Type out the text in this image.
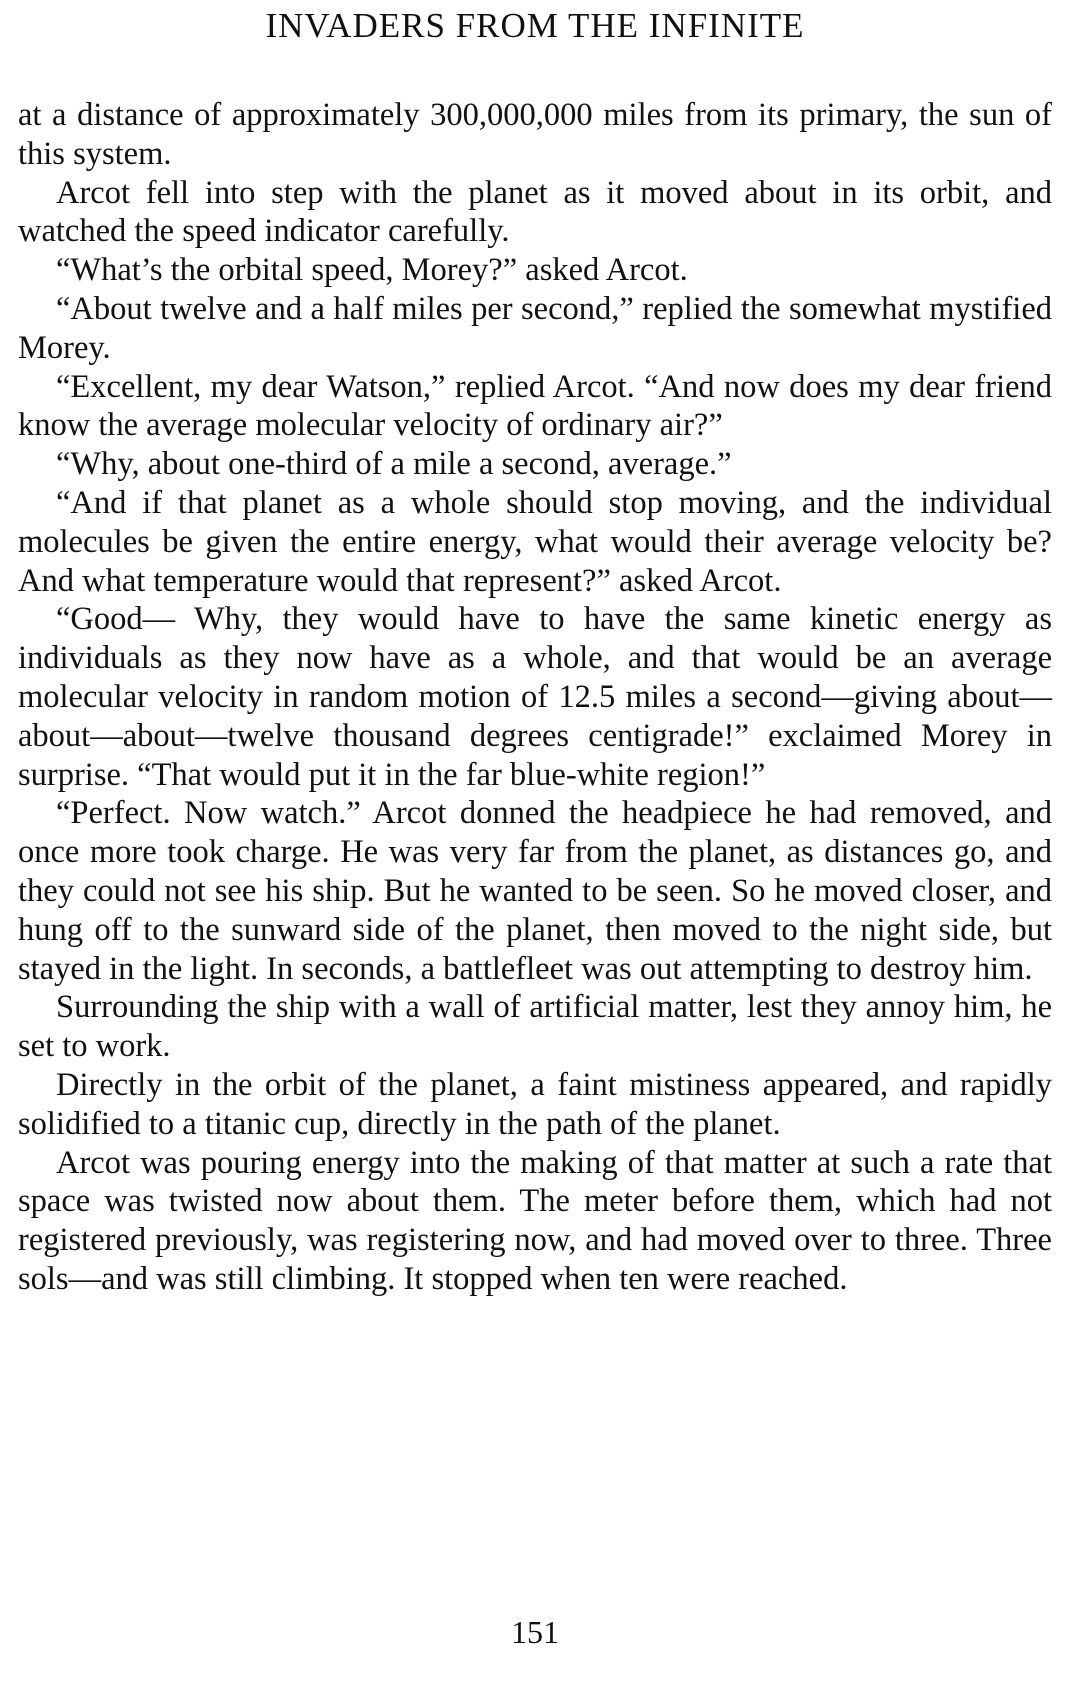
INVADERS FROM THE INFINITE

at a distance of approximately 300,000,000 miles from its primary, the sun of this system.

Arcot fell into step with the planet as it moved about in its orbit, and watched the speed indicator carefully.

“What’s the orbital speed, Morey?” asked Arcot.

“About twelve and a half miles per second,” replied the somewhat mystified Morey.

“Excellent, my dear Watson,” replied Arcot. “And now does my dear friend know the average molecular velocity of ordinary air?”

“Why, about one-third of a mile a second, average.”

“And if that planet as a whole should stop moving, and the individual molecules be given the entire energy, what would their average velocity be? And what temperature would that represent?” asked Arcot.

“Good— Why, they would have to have the same kinetic energy as individuals as they now have as a whole, and that would be an average molecular velocity in random motion of 12.5 miles a second—giving about—about—about—twelve thousand degrees centigrade!” exclaimed Morey in surprise. “That would put it in the far blue-white region!”

“Perfect. Now watch.” Arcot donned the headpiece he had removed, and once more took charge. He was very far from the planet, as distances go, and they could not see his ship. But he wanted to be seen. So he moved closer, and hung off to the sunward side of the planet, then moved to the night side, but stayed in the light. In seconds, a battlefleet was out attempting to destroy him.

Surrounding the ship with a wall of artificial matter, lest they annoy him, he set to work.

Directly in the orbit of the planet, a faint mistiness appeared, and rapidly solidified to a titanic cup, directly in the path of the planet.

Arcot was pouring energy into the making of that matter at such a rate that space was twisted now about them. The meter before them, which had not registered previously, was registering now, and had moved over to three. Three sols—and was still climbing. It stopped when ten were reached.

151
